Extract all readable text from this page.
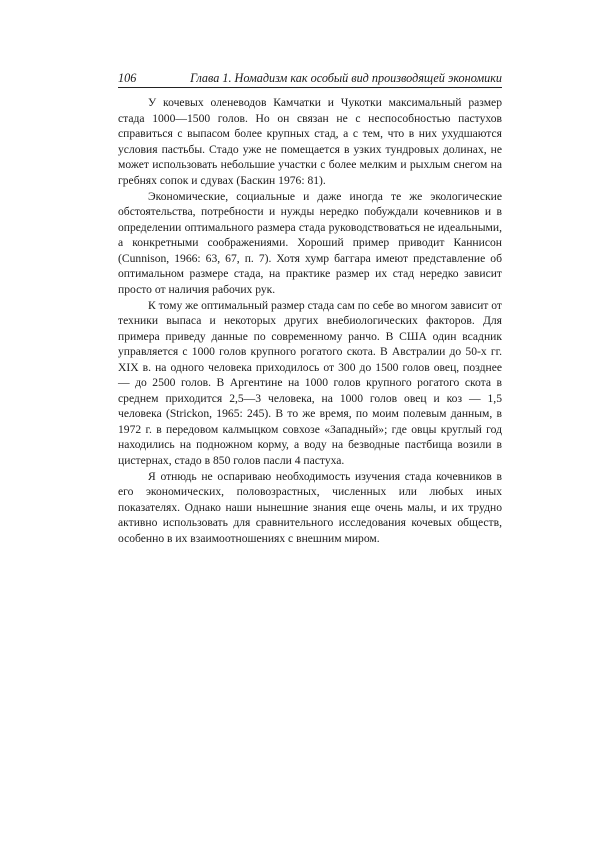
106	Глава 1. Номадизм как особый вид производящей экономики

У кочевых оленеводов Камчатки и Чукотки максимальный размер стада 1000—1500 голов. Но он связан не с неспособностью пастухов справиться с выпасом более крупных стад, а с тем, что в них ухудшаются условия пастьбы. Стадо уже не помещается в узких тундровых долинах, не может использовать небольшие участки с более мелким и рыхлым снегом на гребнях сопок и сдувах (Баскин 1976: 81).

Экономические, социальные и даже иногда те же экологические обстоятельства, потребности и нужды нередко побуждали кочевников и в определении оптимального размера стада руководствоваться не идеальными, а конкретными соображениями. Хороший пример приводит Каннисон (Cunnison, 1966: 63, 67, п. 7). Хотя хумр баггара имеют представление об оптимальном размере стада, на практике размер их стад нередко зависит просто от наличия рабочих рук.

К тому же оптимальный размер стада сам по себе во многом зависит от техники выпаса и некоторых других внебиологических факторов. Для примера приведу данные по современному ранчо. В США один всадник управляется с 1000 голов крупного рогатого скота. В Австралии до 50-х гг. XIX в. на одного человека приходилось от 300 до 1500 голов овец, позднее — до 2500 голов. В Аргентине на 1000 голов крупного рогатого скота в среднем приходится 2,5—3 человека, на 1000 голов овец и коз — 1,5 человека (Strickon, 1965: 245). В то же время, по моим полевым данным, в 1972 г. в передовом калмыцком совхозе «Западный»; где овцы круглый год находились на подножном корму, а воду на безводные пастбища возили в цистернах, стадо в 850 голов пасли 4 пастуха.

Я отнюдь не оспариваю необходимость изучения стада кочевников в его экономических, половозрастных, численных или любых иных показателях. Однако наши нынешние знания еще очень малы, и их трудно активно использовать для сравнительного исследования кочевых обществ, особенно в их взаимоотношениях с внешним миром.
